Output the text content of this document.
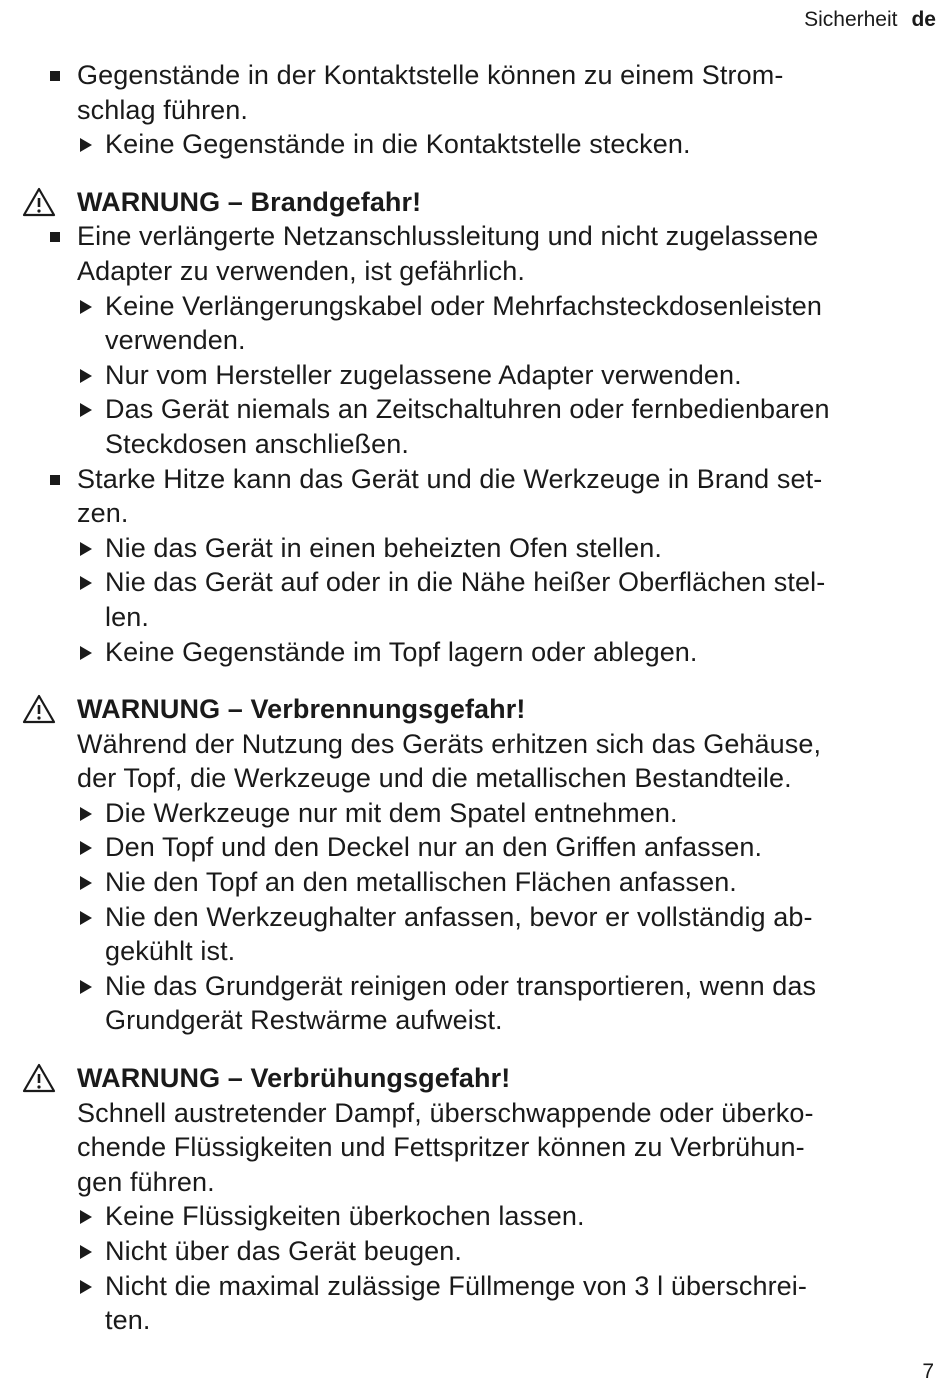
Sicherheit de
Gegenstände in der Kontaktstelle können zu einem Strom-
schlag führen.
Keine Gegenstände in die Kontaktstelle stecken.
WARNUNG – Brandgefahr!
Eine verlängerte Netzanschlussleitung und nicht zugelassene
Adapter zu verwenden, ist gefährlich.
Keine Verlängerungskabel oder Mehrfachsteckdosenleisten
verwenden.
Nur vom Hersteller zugelassene Adapter verwenden.
Das Gerät niemals an Zeitschaltuhren oder fernbedienbaren
Steckdosen anschließen.
Starke Hitze kann das Gerät und die Werkzeuge in Brand set-
zen.
Nie das Gerät in einen beheizten Ofen stellen.
Nie das Gerät auf oder in die Nähe heißer Oberflächen stel-
len.
Keine Gegenstände im Topf lagern oder ablegen.
WARNUNG – Verbrennungsgefahr!
Während der Nutzung des Geräts erhitzen sich das Gehäuse,
der Topf, die Werkzeuge und die metallischen Bestandteile.
Die Werkzeuge nur mit dem Spatel entnehmen.
Den Topf und den Deckel nur an den Griffen anfassen.
Nie den Topf an den metallischen Flächen anfassen.
Nie den Werkzeughalter anfassen, bevor er vollständig ab-
gekühlt ist.
Nie das Grundgerät reinigen oder transportieren, wenn das
Grundgerät Restwärme aufweist.
WARNUNG – Verbrühungsgefahr!
Schnell austretender Dampf, überschwappende oder überko-
chende Flüssigkeiten und Fettspritzer können zu Verbrühun-
gen führen.
Keine Flüssigkeiten überkochen lassen.
Nicht über das Gerät beugen.
Nicht die maximal zulässige Füllmenge von 3 l überschrei-
ten.
7
